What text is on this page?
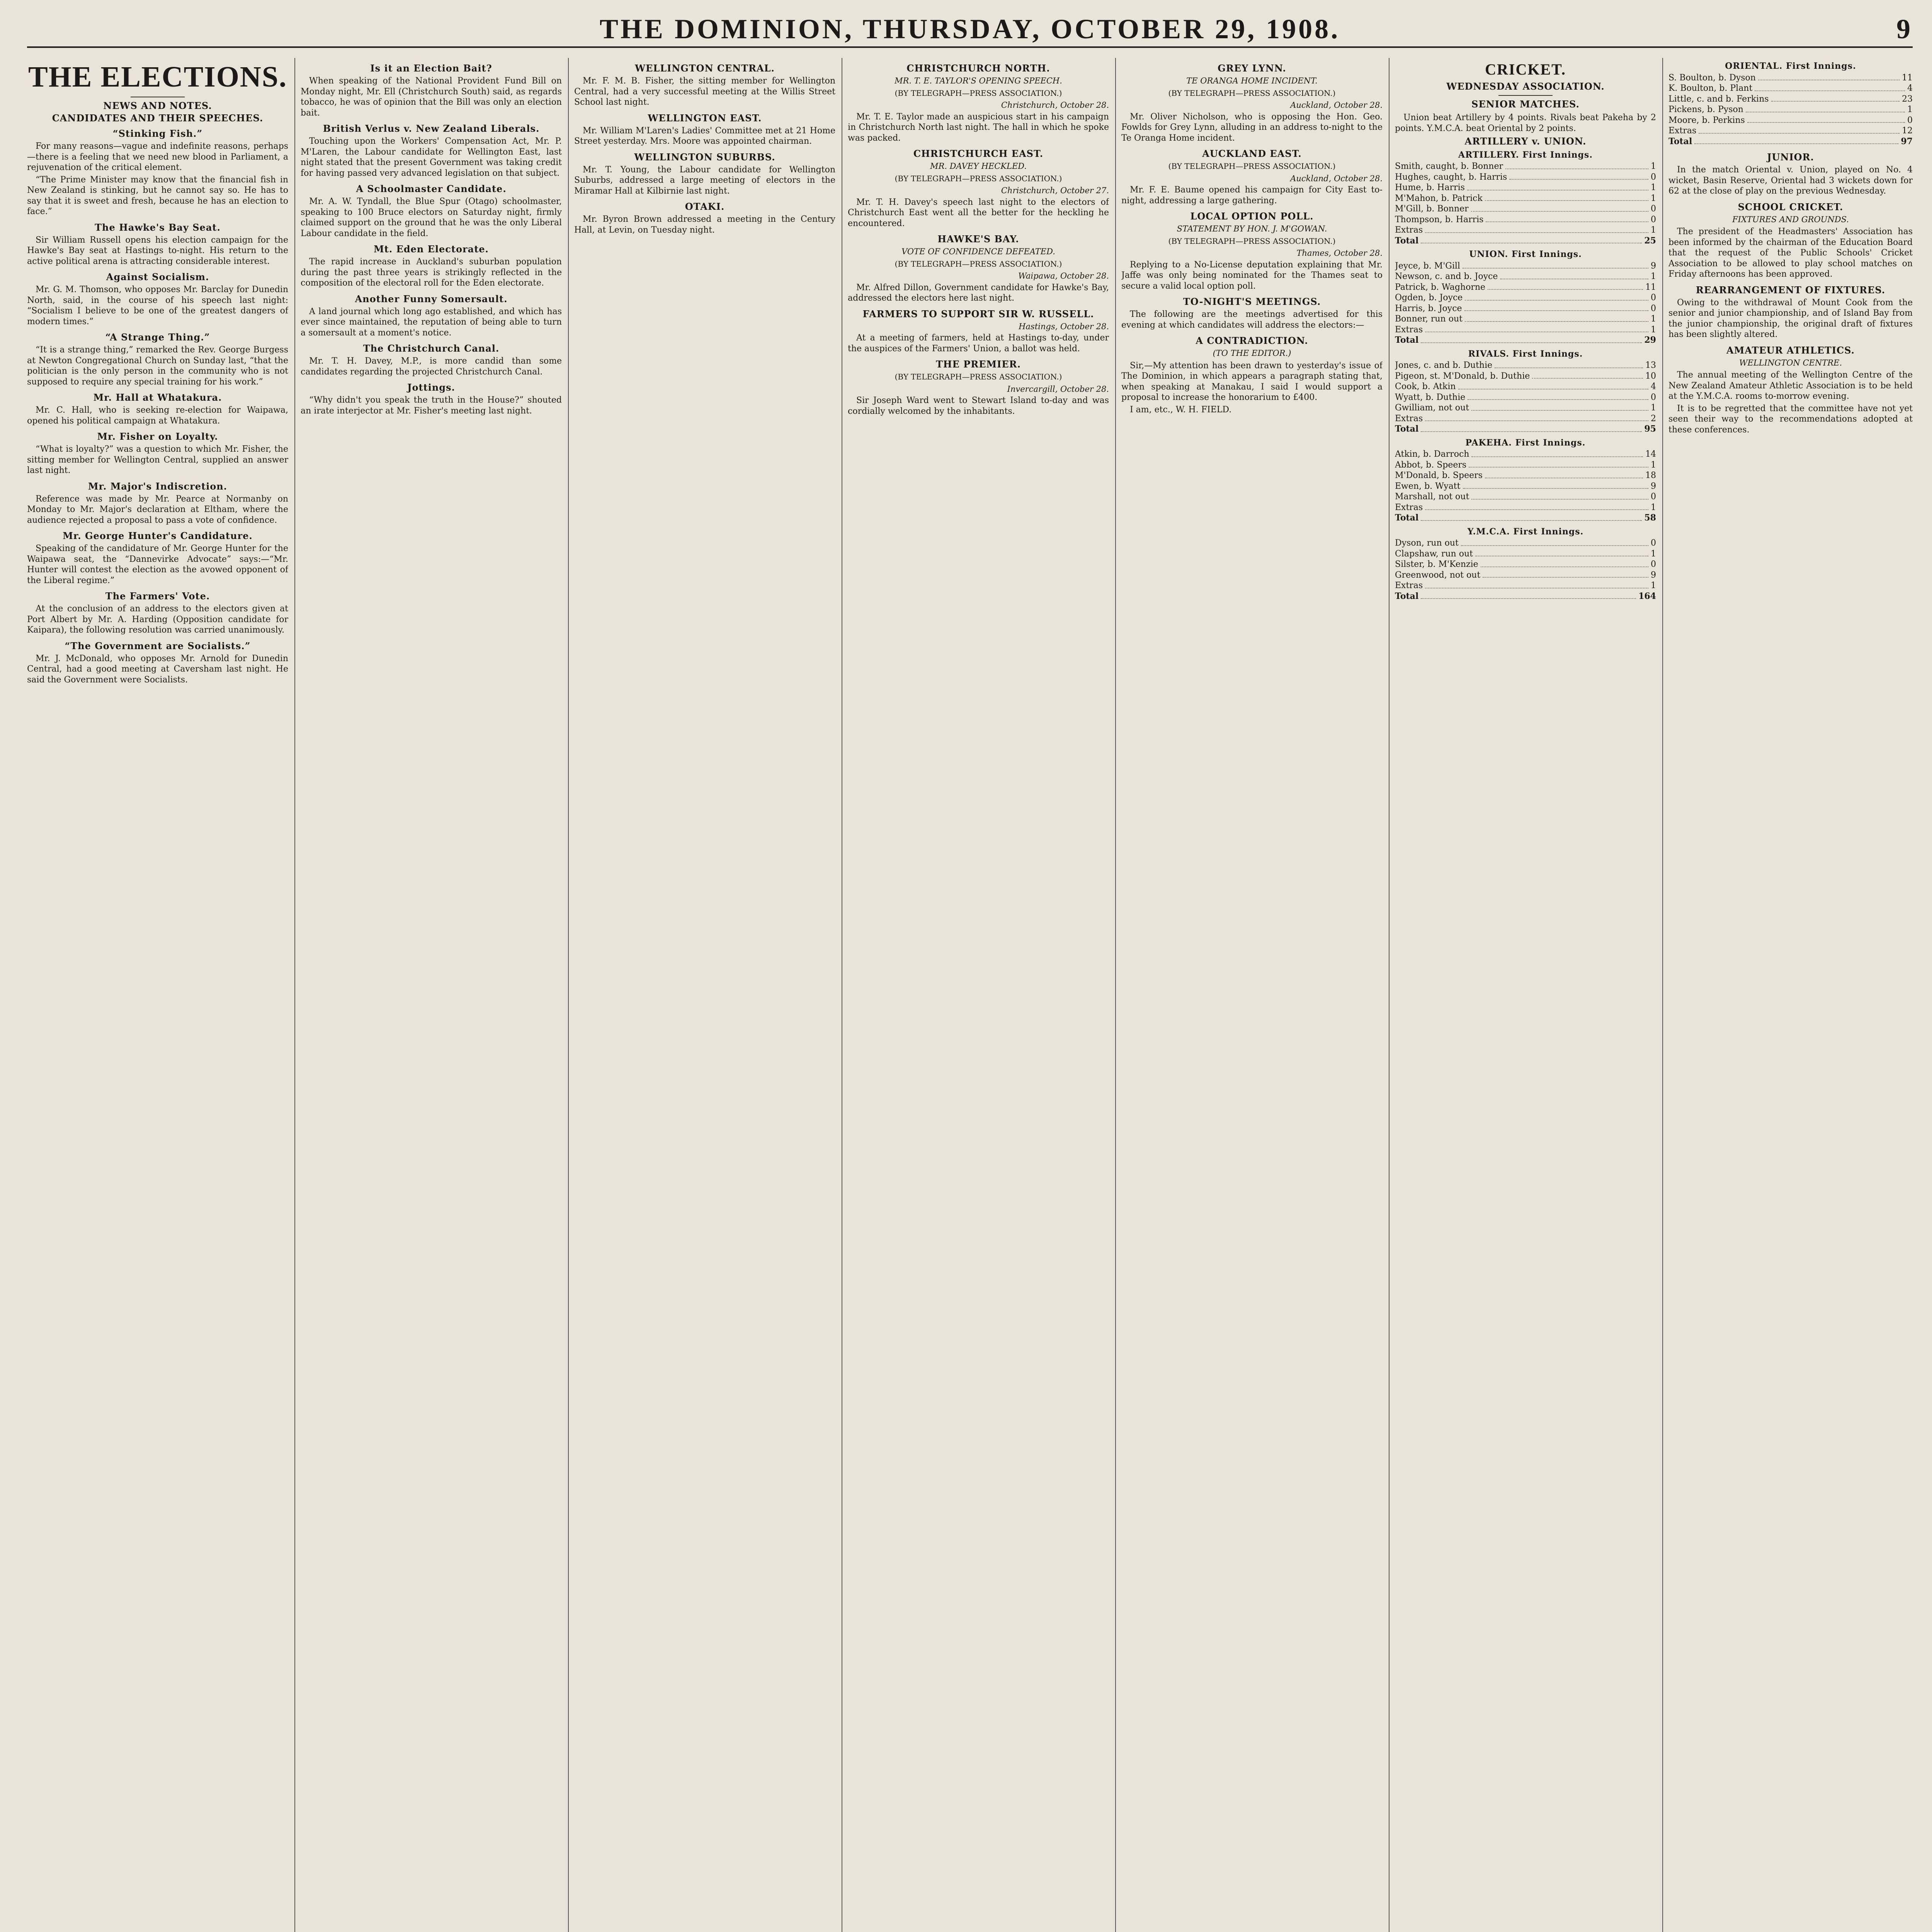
THE DOMINION, THURSDAY, OCTOBER 29, 1908.	9
THE ELECTIONS.
NEWS AND NOTES.
CANDIDATES AND THEIR SPEECHES.
“Stinking Fish.”

For many reasons—vague and indefinite reasons, perhaps—there is a feeling that we need new blood in Parliament, a rejuvenation of the critical element.

“The Prime Minister may know that the financial fish in New Zealand is stinking, but he cannot say so. He has to say that it is sweet and fresh, because he has an election to face.”

The Hawke's Bay Seat.

Sir William Russell opens his election campaign for the Hawke's Bay seat at Hastings to-night. His return to the active political arena is attracting considerable interest.

Against Socialism.

Mr. G. M. Thomson, who opposes Mr. Barclay for Dunedin North, said, in the course of his speech last night: “Socialism I believe to be one of the greatest dangers of modern times.”

“A Strange Thing.”

“It is a strange thing,” remarked the Rev. George Burgess at Newton Congregational Church on Sunday last, “that the politician is the only person in the community who is not supposed to require any special training for his work.”

Mr. Hall at Whatakura.

Mr. C. Hall, who is seeking re-election for Waipawa, opened his political campaign at Whatakura.

Mr. Fisher on Loyalty.

“What is loyalty?” was a question to which Mr. Fisher, the sitting member for Wellington Central, supplied an answer last night.

Mr. Major's Indiscretion.

Reference was made by Mr. Pearce at Normanby on Monday to Mr. Major's declaration at Eltham, where the audience rejected a proposal to pass a vote of confidence.

Mr. George Hunter's Candidature.

Speaking of the candidature of Mr. George Hunter for the Waipawa seat, the “Dannevirke Advocate” says:—“Mr. Hunter will contest the election as the avowed opponent of the Liberal regime.”

The Farmers' Vote.

At the conclusion of an address to the electors given at Port Albert by Mr. A. Harding (Opposition candidate for Kaipara), the following resolution was carried unanimously.

“The Government are Socialists.”

Mr. J. McDonald, who opposes Mr. Arnold for Dunedin Central, had a good meeting at Caversham last night. He said the Government were Socialists.

Is it an Election Bait?

When speaking of the National Provident Fund Bill on Monday night, Mr. Ell (Christchurch South) said, as regards tobacco, he was of opinion that the Bill was only an election bait.

British Verlus v. New Zealand Liberals.

Touching upon the Workers' Compensation Act, Mr. P. M'Laren, the Labour candidate for Wellington East, last night stated that the present Government was taking credit for having passed very advanced legislation on that subject.

A Schoolmaster Candidate.

Mr. A. W. Tyndall, the Blue Spur (Otago) schoolmaster, speaking to 100 Bruce electors on Saturday night, firmly claimed support on the ground that he was the only Liberal Labour candidate in the field.

Mt. Eden Electorate.

The rapid increase in Auckland's suburban population during the past three years is strikingly reflected in the composition of the electoral roll for the Eden electorate.

Another Funny Somersault.

A land journal which long ago established, and which has ever since maintained, the reputation of being able to turn a somersault at a moment's notice.

The Christchurch Canal.

Mr. T. H. Davey, M.P., is more candid than some candidates regarding the projected Christchurch Canal.

Jottings.

“Why didn't you speak the truth in the House?” shouted an irate interjector at Mr. Fisher's meeting last night.

WELLINGTON CENTRAL.

Mr. F. M. B. Fisher, the sitting member for Wellington Central, had a very successful meeting at the Willis Street School last night.

WELLINGTON EAST.

Mr. William M'Laren's Ladies' Committee met at 21 Home Street yesterday. Mrs. Moore was appointed chairman.

WELLINGTON SUBURBS.

Mr. T. Young, the Labour candidate for Wellington Suburbs, addressed a large meeting of electors in the Miramar Hall at Kilbirnie last night.

OTAKI.

Mr. Byron Brown addressed a meeting in the Century Hall, at Levin, on Tuesday night.

CHRISTCHURCH NORTH.
MR. T. E. TAYLOR'S OPENING SPEECH.
(BY TELEGRAPH—PRESS ASSOCIATION.)
Christchurch, October 28.

Mr. T. E. Taylor made an auspicious start in his campaign in Christchurch North last night. The hall in which he spoke was packed.

CHRISTCHURCH EAST.
MR. DAVEY HECKLED.
(BY TELEGRAPH—PRESS ASSOCIATION.)
Christchurch, October 27.

Mr. T. H. Davey's speech last night to the electors of Christchurch East went all the better for the heckling he encountered.

HAWKE'S BAY.
VOTE OF CONFIDENCE DEFEATED.
(BY TELEGRAPH—PRESS ASSOCIATION.)
Waipawa, October 28.

Mr. Alfred Dillon, Government candidate for Hawke's Bay, addressed the electors here last night.

FARMERS TO SUPPORT SIR W. RUSSELL.
Hastings, October 28.

At a meeting of farmers, held at Hastings to-day, under the auspices of the Farmers' Union, a ballot was held.

THE PREMIER.
(BY TELEGRAPH—PRESS ASSOCIATION.)
Invercargill, October 28.

Sir Joseph Ward went to Stewart Island to-day and was cordially welcomed by the inhabitants.

GREY LYNN.
TE ORANGA HOME INCIDENT.
(BY TELEGRAPH—PRESS ASSOCIATION.)
Auckland, October 28.

Mr. Oliver Nicholson, who is opposing the Hon. Geo. Fowlds for Grey Lynn, alluding in an address to-night to the Te Oranga Home incident.

AUCKLAND EAST.
(BY TELEGRAPH—PRESS ASSOCIATION.)
Auckland, October 28.

Mr. F. E. Baume opened his campaign for City East to-night, addressing a large gathering.

LOCAL OPTION POLL.
STATEMENT BY HON. J. M'GOWAN.
(BY TELEGRAPH—PRESS ASSOCIATION.)
Thames, October 28.

Replying to a No-License deputation explaining that Mr. Jaffe was only being nominated for the Thames seat to secure a valid local option poll.

TO-NIGHT'S MEETINGS.

The following are the meetings advertised for this evening at which candidates will address the electors:—

A CONTRADICTION.
(TO THE EDITOR.)

Sir,—My attention has been drawn to yesterday's issue of The Dominion, in which appears a paragraph stating that, when speaking at Manakau, I said I would support a proposal to increase the honorarium to £400.

I am, etc., W. H. FIELD.

CRICKET.
WEDNESDAY ASSOCIATION.
SENIOR MATCHES.

Union beat Artillery by 4 points. Rivals beat Pakeha by 2 points. Y.M.C.A. beat Oriental by 2 points.

ARTILLERY v. UNION.
ARTILLERY. First Innings.
Smith, caught, b. Bonner	1
Hughes, caught, b. Harris	0
Hume, b. Harris	1
M'Mahon, b. Patrick	1
M'Gill, b. Bonner	0
Thompson, b. Harris	0
Extras	1
Total	25
UNION. First Innings.
Jeyce, b. M'Gill	9
Newson, c. and b. Joyce	1
Patrick, b. Waghorne	11
Ogden, b. Joyce	0
Harris, b. Joyce	0
Bonner, run out	1
Extras	1
Total	29
RIVALS. First Innings.
Jones, c. and b. Duthie	13
Pigeon, st. M'Donald, b. Duthie	10
Cook, b. Atkin	4
Wyatt, b. Duthie	0
Gwilliam, not out	1
Extras	2
Total	95
PAKEHA. First Innings.
Atkin, b. Darroch	14
Abbot, b. Speers	1
M'Donald, b. Speers	18
Ewen, b. Wyatt	9
Marshall, not out	0
Extras	1
Total	58
Y.M.C.A. First Innings.
Dyson, run out	0
Clapshaw, run out	1
Silster, b. M'Kenzie	0
Greenwood, not out	9
Extras	1
Total	164
ORIENTAL. First Innings.
S. Boulton, b. Dyson	11
K. Boulton, b. Plant	4
Little, c. and b. Ferkins	23
Pickens, b. Pyson	1
Moore, b. Perkins	0
Extras	12
Total	97
JUNIOR.

In the match Oriental v. Union, played on No. 4 wicket, Basin Reserve, Oriental had 3 wickets down for 62 at the close of play on the previous Wednesday.

SCHOOL CRICKET.
FIXTURES AND GROUNDS.

The president of the Headmasters' Association has been informed by the chairman of the Education Board that the request of the Public Schools' Cricket Association to be allowed to play school matches on Friday afternoons has been approved.

REARRANGEMENT OF FIXTURES.

Owing to the withdrawal of Mount Cook from the senior and junior championship, and of Island Bay from the junior championship, the original draft of fixtures has been slightly altered.

AMATEUR ATHLETICS.
WELLINGTON CENTRE.

The annual meeting of the Wellington Centre of the New Zealand Amateur Athletic Association is to be held at the Y.M.C.A. rooms to-morrow evening.

It is to be regretted that the committee have not yet seen their way to the recommendations adopted at these conferences.
